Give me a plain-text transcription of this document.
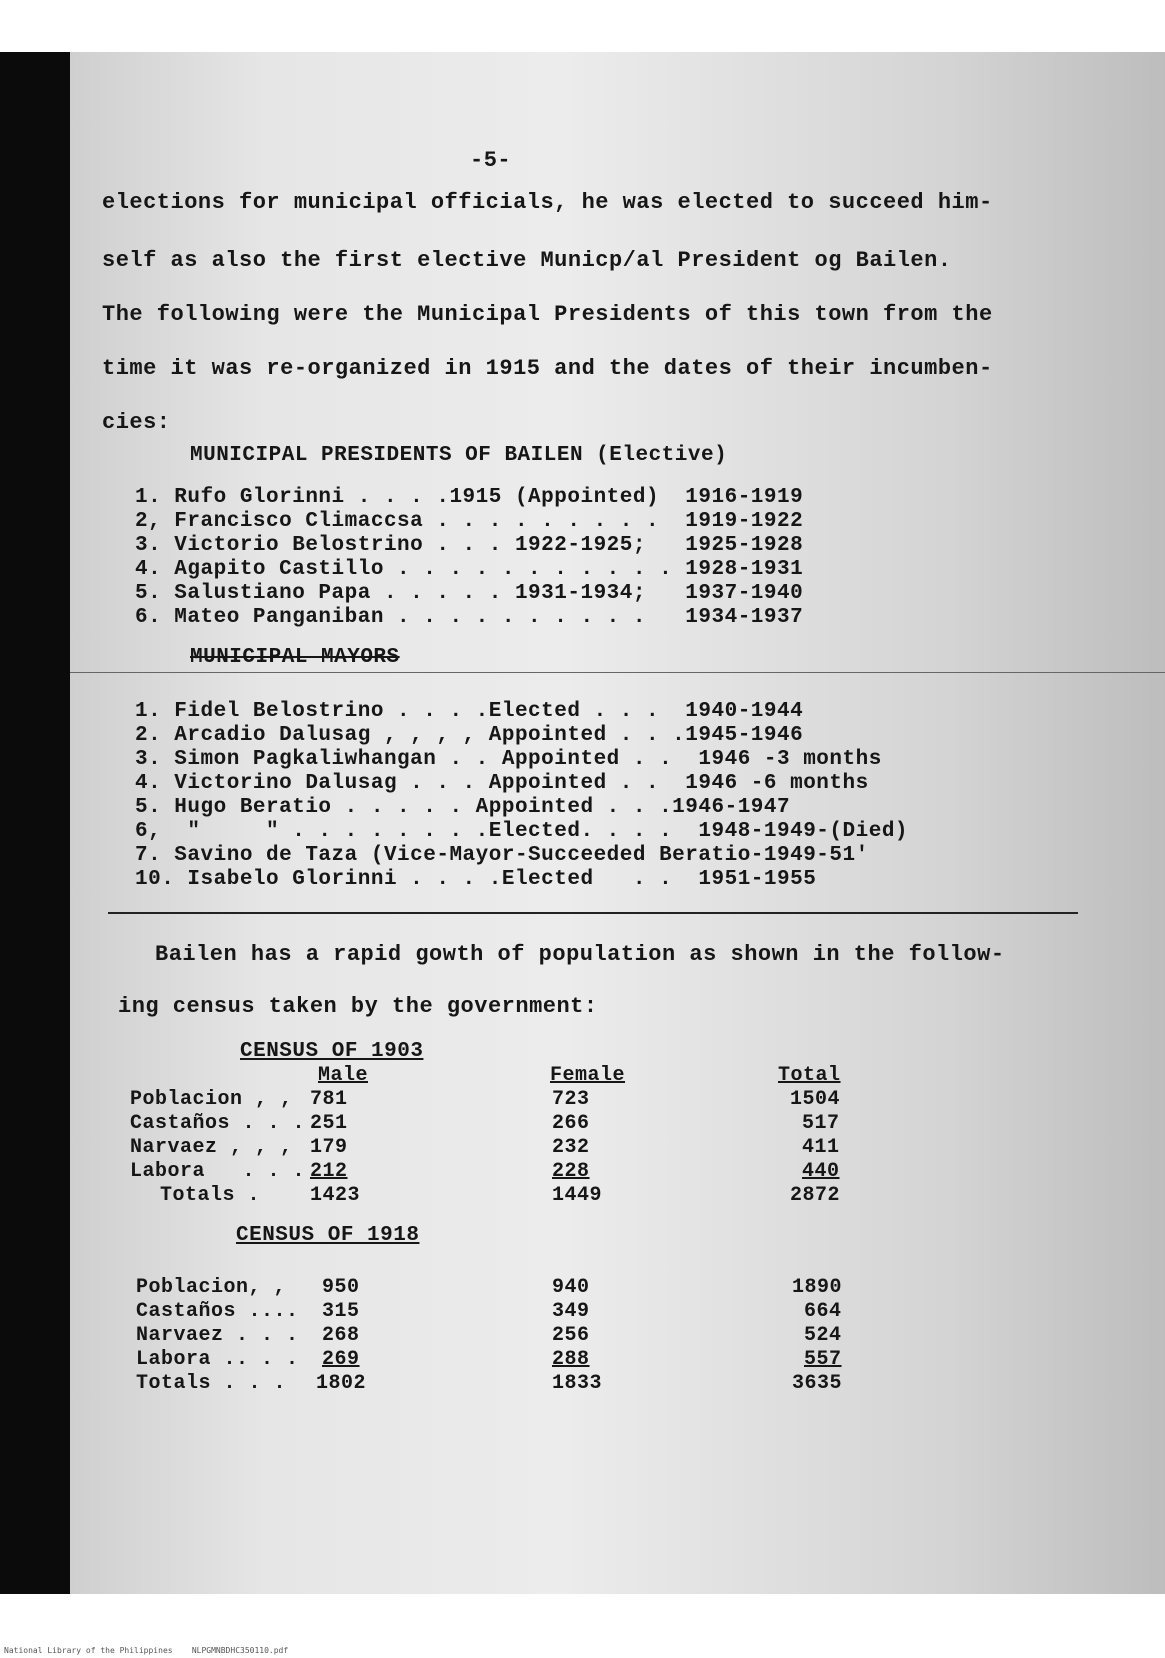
-5-
elections for municipal officials, he was elected to succeed him-
self as also the first elective Municp/al President og Bailen.
The following were the Municipal Presidents of this town from the
time it was re-organized in 1915 and the dates of their incumben-
cies:
MUNICIPAL PRESIDENTS OF BAILEN (Elective)
1. Rufo Glorinni . . . .1915 (Appointed)  1916-1919
2, Francisco Climaccsa . . . . . . . . .  1919-1922
3. Victorio Belostrino . . . 1922-1925;   1925-1928
4. Agapito Castillo . . . . . . . . . . . 1928-1931
5. Salustiano Papa . . . . . 1931-1934;   1937-1940
6. Mateo Panganiban . . . . . . . . . .   1934-1937
MUNICIPAL MAYORS
1. Fidel Belostrino . . . .Elected . . .  1940-1944
2. Arcadio Dalusag , , , , Appointed . . .1945-1946
3. Simon Pagkaliwhangan . . Appointed . .  1946 -3 months
4. Victorino Dalusag . . . Appointed . .  1946 -6 months
5. Hugo Beratio . . . . . Appointed . . .1946-1947
6,  "     " . . . . . . . .Elected. . . .  1948-1949-(Died)
7. Savino de Taza (Vice-Mayor-Succeeded Beratio-1949-51'
10. Isabelo Glorinni . . . .Elected   . .  1951-1955
Bailen has a rapid gowth of population as shown in the follow-
ing census taken by the government:
CENSUS OF 1903
Male	Female	Total
Poblacion , , 781	723	1504
Castaños . . . 251	266	517
Narvaez , , , 179	232	411
Labora   . . . 212	228	440
Totals . 1423	1449	2872
CENSUS OF 1918
Poblacion, , 950	940	1890
Castaños .... 315	349	664
Narvaez . . . 268	256	524
Labora .. . . 269	288	557
Totals . . . 1802	1833	3635
National Library of the Philippines    NLPGMNBDHC350110.pdf
